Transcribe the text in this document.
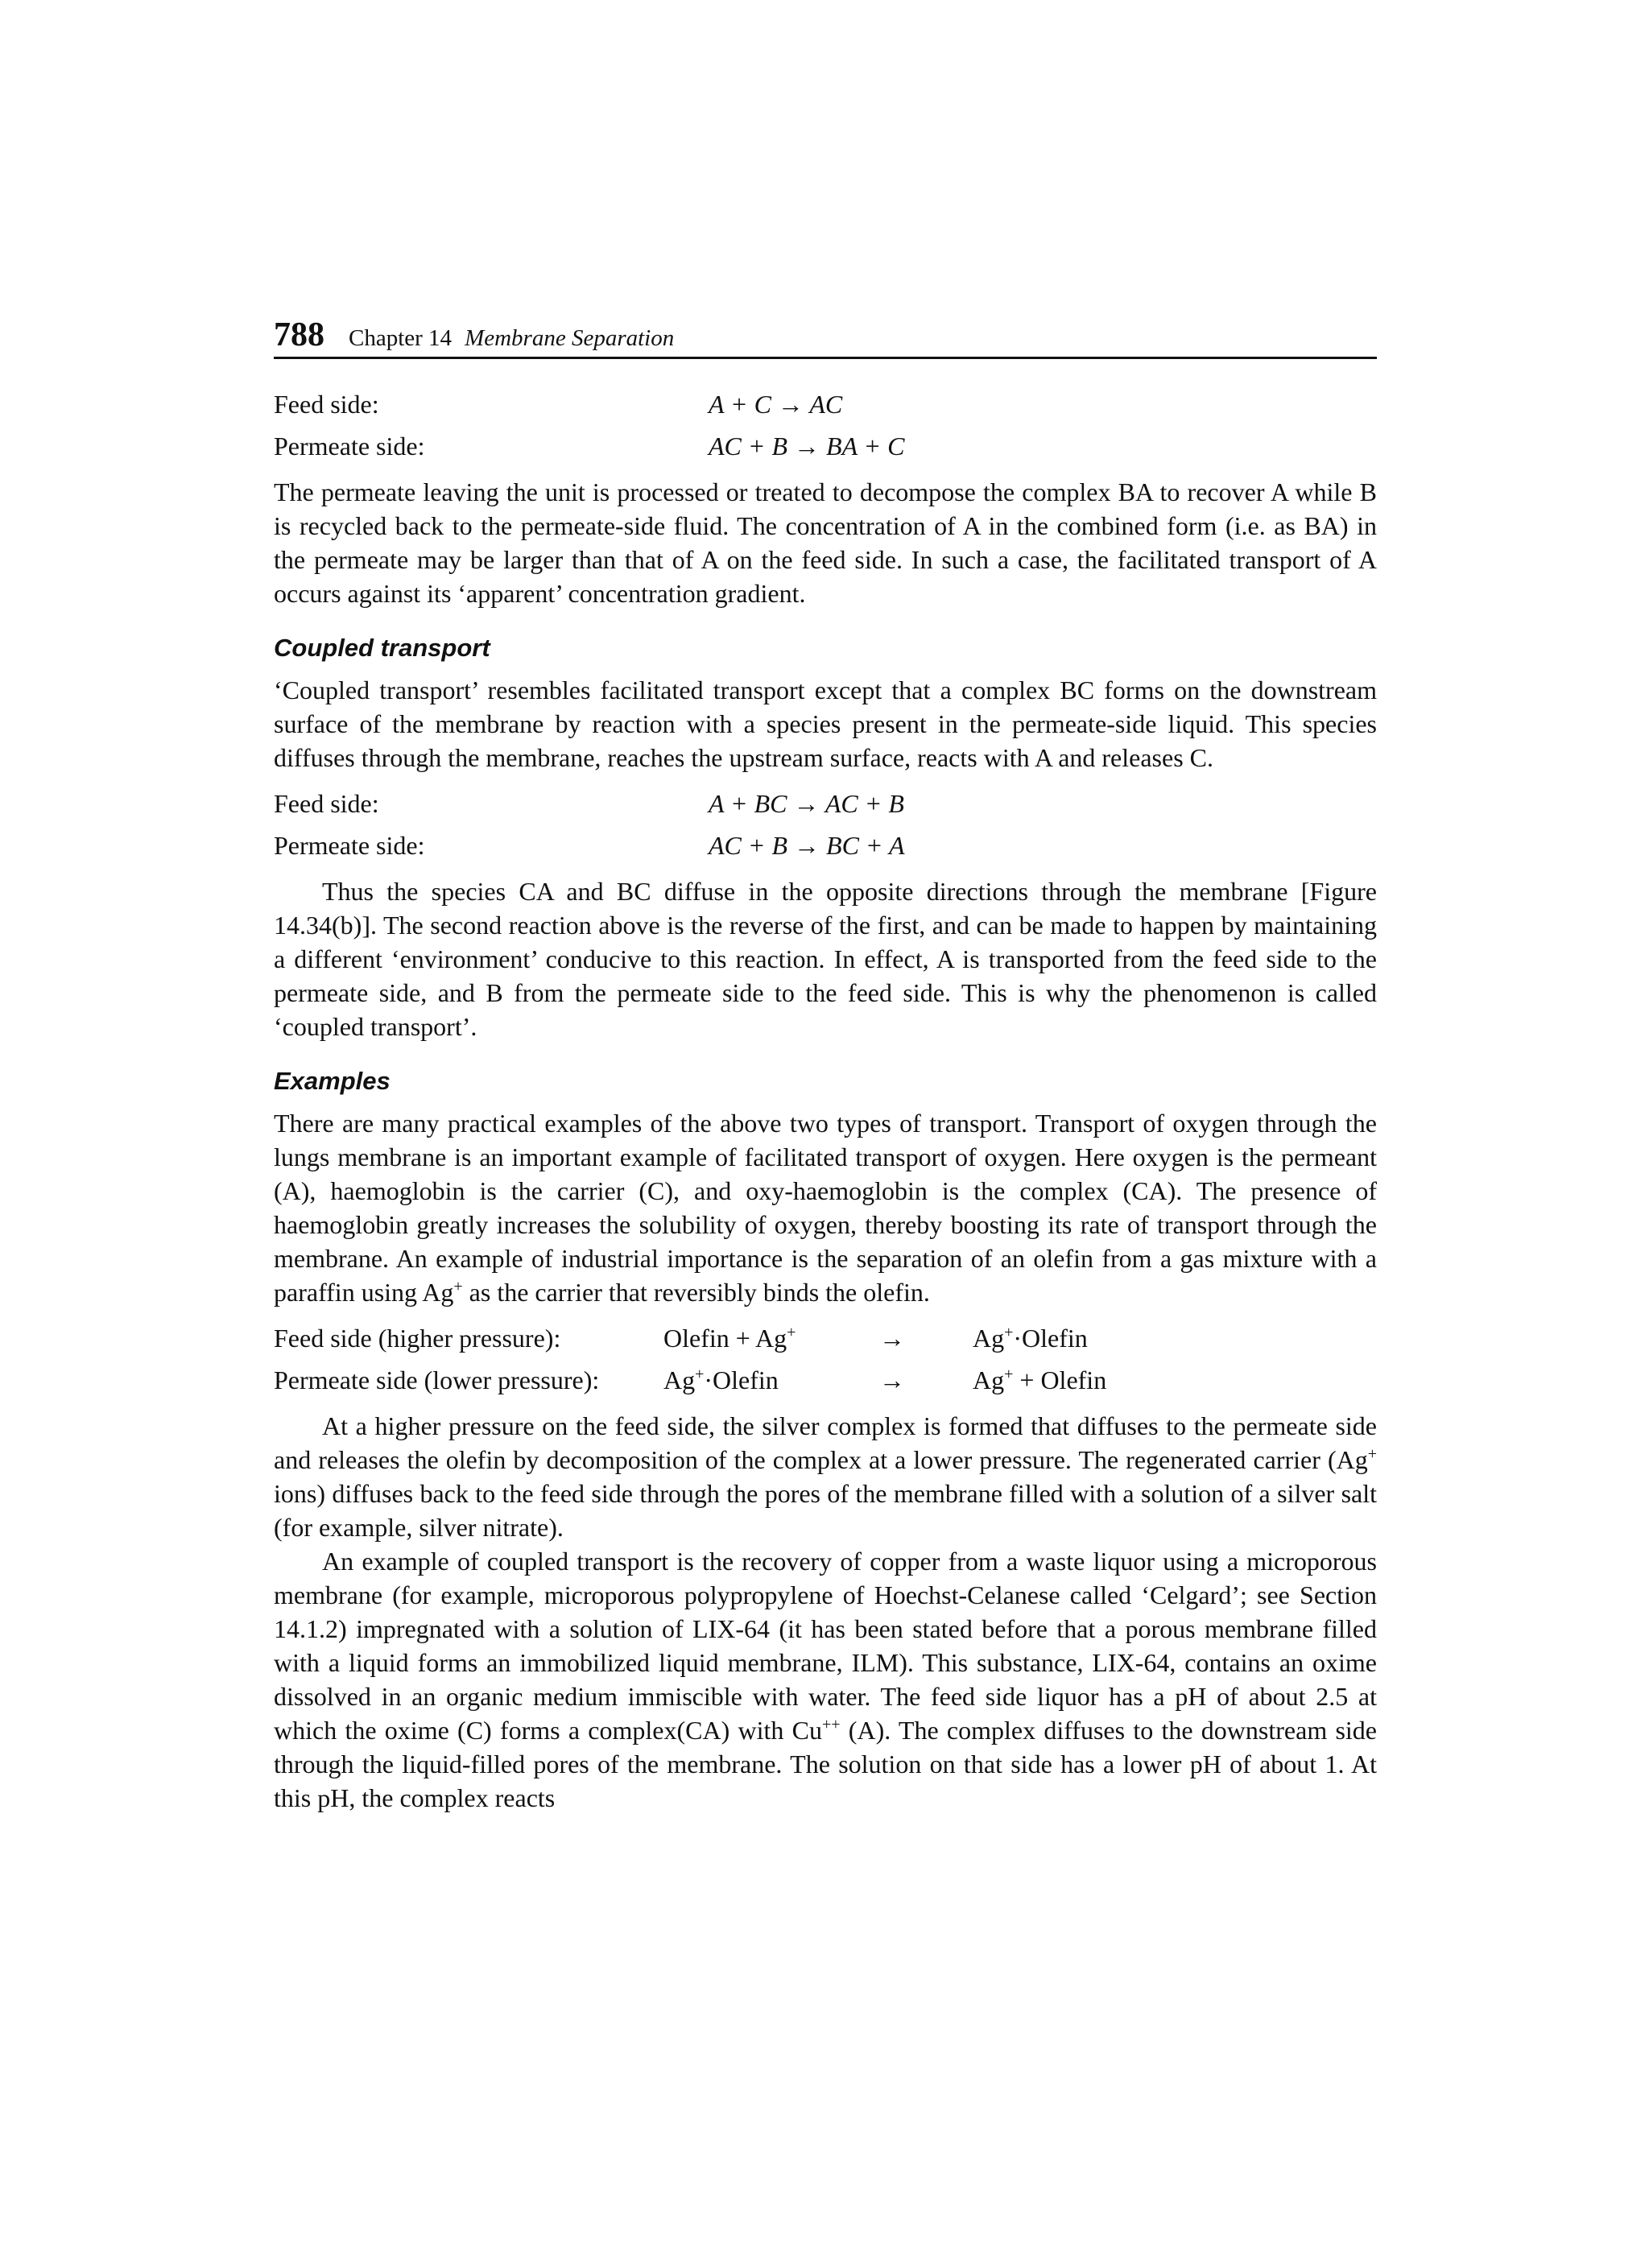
788 Chapter 14 Membrane Separation
Feed side:	A + C → AC
Permeate side:	AC + B → BA + C

The permeate leaving the unit is processed or treated to decompose the complex BA to recover A while B is recycled back to the permeate-side fluid. The concentration of A in the combined form (i.e. as BA) in the permeate may be larger than that of A on the feed side. In such a case, the facilitated transport of A occurs against its ‘apparent’ concentration gradient.

Coupled transport

‘Coupled transport’ resembles facilitated transport except that a complex BC forms on the downstream surface of the membrane by reaction with a species present in the permeate-side liquid. This species diffuses through the membrane, reaches the upstream surface, reacts with A and releases C.

Feed side:	A + BC → AC + B
Permeate side:	AC + B → BC + A

Thus the species CA and BC diffuse in the opposite directions through the membrane [Figure 14.34(b)]. The second reaction above is the reverse of the first, and can be made to happen by maintaining a different ‘environment’ conducive to this reaction. In effect, A is transported from the feed side to the permeate side, and B from the permeate side to the feed side. This is why the phenomenon is called ‘coupled transport’.

Examples

There are many practical examples of the above two types of transport. Transport of oxygen through the lungs membrane is an important example of facilitated transport of oxygen. Here oxygen is the permeant (A), haemoglobin is the carrier (C), and oxy-haemoglobin is the complex (CA). The presence of haemoglobin greatly increases the solubility of oxygen, thereby boosting its rate of transport through the membrane. An example of industrial importance is the separation of an olefin from a gas mixture with a paraffin using Ag+ as the carrier that reversibly binds the olefin.

Feed side (higher pressure):	Olefin + Ag+	→	Ag+·Olefin
Permeate side (lower pressure):	Ag+·Olefin	→	Ag+ + Olefin

At a higher pressure on the feed side, the silver complex is formed that diffuses to the permeate side and releases the olefin by decomposition of the complex at a lower pressure. The regenerated carrier (Ag+ ions) diffuses back to the feed side through the pores of the membrane filled with a solution of a silver salt (for example, silver nitrate).

An example of coupled transport is the recovery of copper from a waste liquor using a microporous membrane (for example, microporous polypropylene of Hoechst-Celanese called ‘Celgard’; see Section 14.1.2) impregnated with a solution of LIX-64 (it has been stated before that a porous membrane filled with a liquid forms an immobilized liquid membrane, ILM). This substance, LIX-64, contains an oxime dissolved in an organic medium immiscible with water. The feed side liquor has a pH of about 2.5 at which the oxime (C) forms a complex(CA) with Cu++ (A). The complex diffuses to the downstream side through the liquid-filled pores of the membrane. The solution on that side has a lower pH of about 1. At this pH, the complex reacts
